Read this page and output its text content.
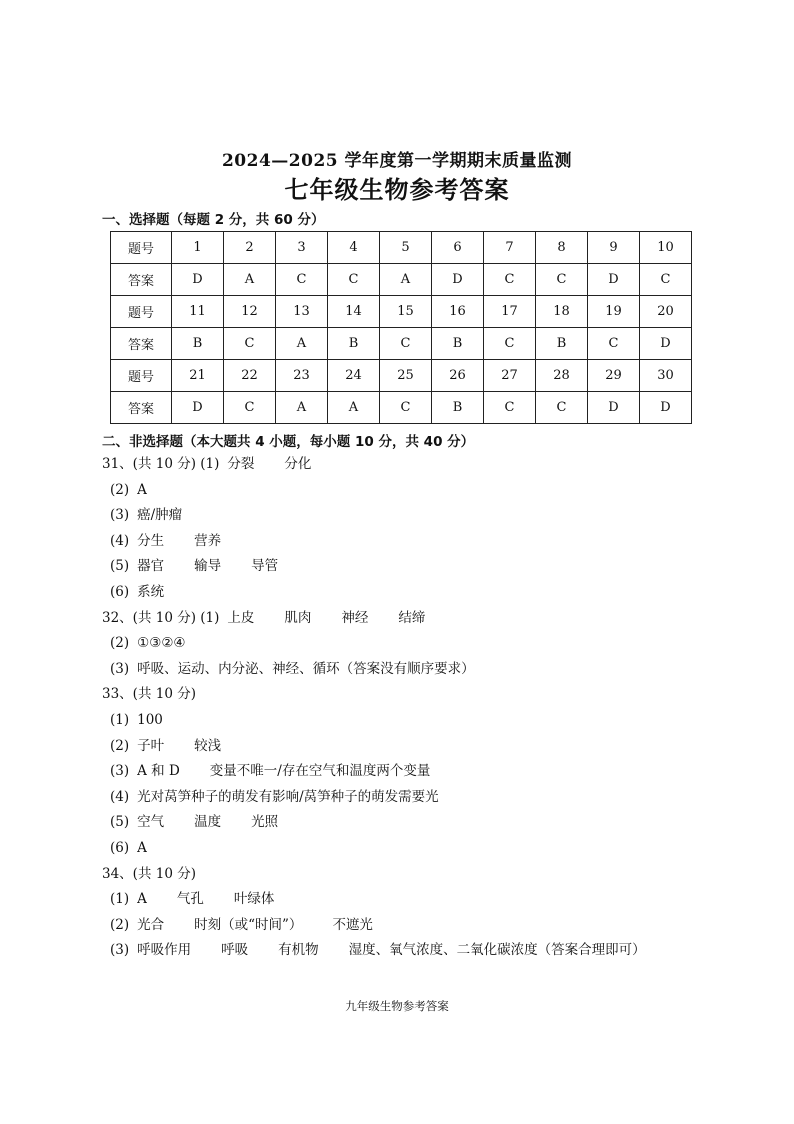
2024—2025 学年度第一学期期末质量监测
七年级生物参考答案
一、选择题（每题 2 分，共 60 分）
题号	1	2	3	4	5	6	7	8	9	10
答案	D	A	C	C	A	D	C	C	D	C
题号	11	12	13	14	15	16	17	18	19	20
答案	B	C	A	B	C	B	C	B	C	D
题号	21	22	23	24	25	26	27	28	29	30
答案	D	C	A	A	C	B	C	C	D	D
二、非选择题（本大题共 4 小题，每小题 10 分，共 40 分）
31、(共 10 分) (1) 分裂 分化
(2) A
(3) 癌/肿瘤
(4) 分生 营养
(5) 器官 输导 导管
(6) 系统
32、(共 10 分) (1) 上皮 肌肉 神经 结缔
(2) ①③②④
(3) 呼吸、运动、内分泌、神经、循环（答案没有顺序要求）
33、(共 10 分)
(1) 100
(2) 子叶 较浅
(3) A 和 D 变量不唯一/存在空气和温度两个变量
(4) 光对莴笋种子的萌发有影响/莴笋种子的萌发需要光
(5) 空气 温度 光照
(6) A
34、(共 10 分)
(1) A 气孔 叶绿体
(2) 光合 时刻（或“时间”） 不遮光
(3) 呼吸作用 呼吸 有机物 湿度、氧气浓度、二氧化碳浓度（答案合理即可）
九年级生物参考答案
